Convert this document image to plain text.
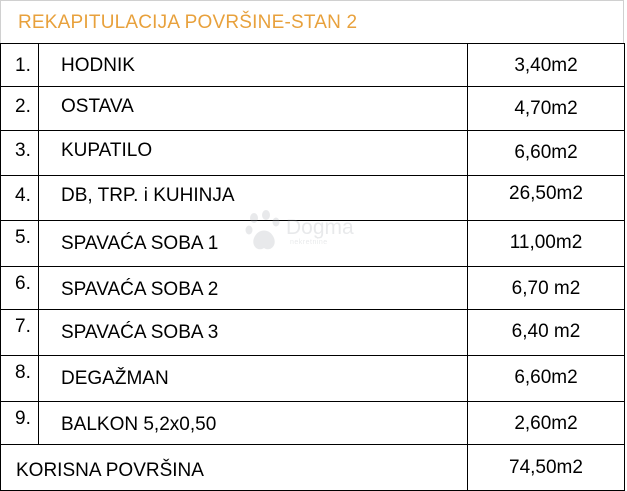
REKAPITULACIJA POVRŠINE-STAN 2
1.	HODNIK	3,40m2

2.	OSTAVA	4,70m2

3.	KUPATILO	6,60m2

4.	DB, TRP. i KUHINJA	26,50m2

5.	SPAVAĆA SOBA 1	11,00m2

6.	SPAVAĆA SOBA 2	6,70 m2

7.	SPAVAĆA SOBA 3	6,40 m2

8.	DEGAŽMAN	6,60m2

9.	BALKON 5,2x0,50	2,60m2

KORISNA POVRŠINA		74,50m2
Dogma
nekretnine
